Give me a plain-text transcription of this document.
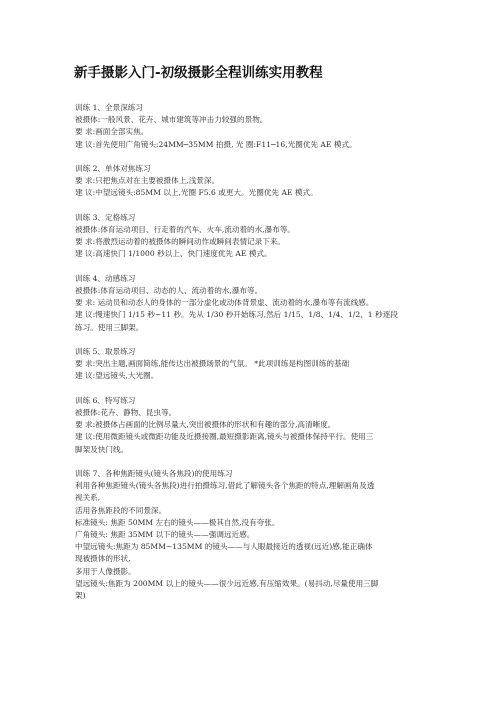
新手摄影入门-初级摄影全程训练实用教程
训练 1、全景深练习
被摄体:一般风景、花卉、城市建筑等冲击力较强的景物。
要 求:画面全部实焦。
建 议:首先使用广角镜头:24MM─35MM 拍摄, 光 圈:F11─16,光圈优先 AE 模式。
训练 2、单体对焦练习
要 求:只把焦点对在主要被摄体上,浅景深。
建 议:中望远镜头:85MM 以上,光圈 F5.6 或更大。光圈优先 AE 模式。
训练 3、定格练习
被摄体:体育运动项目、行走着的汽车、火车,流动着的水,瀑布等。
要 求:将激烈运动着的被摄体的瞬间动作或瞬间表情记录下来。
建 议:高速快门 1/1000 秒以上、快门速度优先 AE 模式。
训练 4、动感练习
被摄体:体育运动项目、动态的人、流动着的水,瀑布等。
要 求: 运动员和动态人的身体的一部分虚化或动体背景虚、流动着的水,瀑布等有流线感。
建 议:慢速快门 1/15 秒~11 秒。先从 1/30 秒开始练习,然后 1/15、1/8、1/4、1/2、1 秒逐段
练习。使用三脚架。
训练 5、取景练习
要 求:突出主题,画面简练,能传达出被摄场景的气氛。 *此项训练是构图训练的基础
建 议:望远镜头,大光圈。
训练 6、特写练习
被摄体:花卉、静物、昆虫等。
要 求:被摄体占画面的比例尽量大,突出被摄体的形状和有趣的部分,高清晰度。
建 议:使用微距镜头或微距功能及近摄接圈,最短摄影距离,镜头与被摄体保持平行。使用三
脚架及快门线。
训练 7、各种焦距镜头(镜头各焦段)的使用练习
利用各种焦距镜头(镜头各焦段)进行拍摄练习,借此了解镜头各个焦距的特点,理解画角及透
视关系,
活用各焦距段的不同景深。
标准镜头: 焦距 50MM 左右的镜头——极其自然,没有夸张。
广角镜头: 焦距 35MM 以下的镜头——强调远近感。
中望远镜头:焦距为 85MM~135MM 的镜头——与人眼最接近的透视(远近)感,能正确体
现被摄体的形状,
多用于人像摄影。
望远镜头:焦距为 200MM 以上的镜头——很少远近感,有压缩效果。(易抖动,尽量使用三脚
架)
